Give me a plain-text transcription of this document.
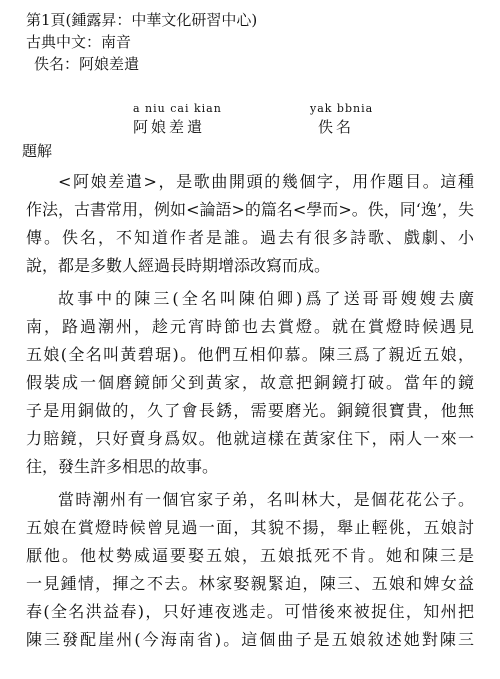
第1頁(鍾露昇：中華文化研習中心)
古典中文：南音
佚名：阿娘差遣
a niu cai kian	yak bbnia
阿娘差遣	佚名
題解
<阿娘差遣>，是歌曲開頭的幾個字，用作題目。這種
作法，古書常用，例如<論語>的篇名<學而>。佚，同‘逸’，失
傳。佚名，不知道作者是誰。過去有很多詩歌、戲劇、小
說，都是多數人經過長時期增添改寫而成。
故事中的陳三(全名叫陳伯卿)爲了送哥哥嫂嫂去廣
南，路過潮州，趁元宵時節也去賞燈。就在賞燈時候遇見
五娘(全名叫黃碧琚)。他們互相仰慕。陳三爲了親近五娘，
假裝成一個磨鏡師父到黃家，故意把銅鏡打破。當年的鏡
子是用銅做的，久了會長銹，需要磨光。銅鏡很寶貴，他無
力賠鏡，只好賣身爲奴。他就這樣在黃家住下，兩人一來一
往，發生許多相思的故事。
當時潮州有一個官家子弟，名叫林大，是個花花公子。
五娘在賞燈時候曾見過一面，其貌不揚，舉止輕佻，五娘討
厭他。他杖勢威逼要娶五娘，五娘抵死不肯。她和陳三是
一見鍾情，揮之不去。林家娶親緊迫，陳三、五娘和婢女益
春(全名洪益春)，只好連夜逃走。可惜後來被捉住，知州把
陳三發配崖州(今海南省)。這個曲子是五娘敘述她對陳三
